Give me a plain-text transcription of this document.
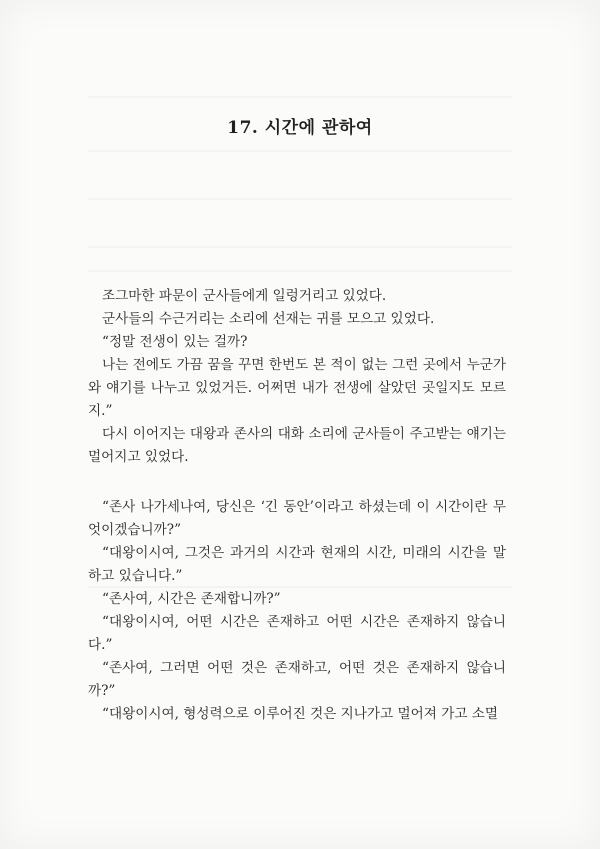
17. 시간에 관하여

조그마한 파문이 군사들에게 일렁거리고 있었다.

군사들의 수근거리는 소리에 선재는 귀를 모으고 있었다.

“정말 전생이 있는 걸까?

나는 전에도 가끔 꿈을 꾸면 한번도 본 적이 없는 그런 곳에서 누군가와 얘기를 나누고 있었거든. 어쩌면 내가 전생에 살았던 곳일지도 모르지.”

다시 이어지는 대왕과 존사의 대화 소리에 군사들이 주고받는 얘기는 멀어지고 있었다.

“존사 나가세나여, 당신은 ‘긴 동안’이라고 하셨는데 이 시간이란 무엇이겠습니까?”

“대왕이시여, 그것은 과거의 시간과 현재의 시간, 미래의 시간을 말하고 있습니다.”

“존사여, 시간은 존재합니까?”

“대왕이시여, 어떤 시간은 존재하고 어떤 시간은 존재하지 않습니다.”

“존사여, 그러면 어떤 것은 존재하고, 어떤 것은 존재하지 않습니까?”

“대왕이시여, 형성력으로 이루어진 것은 지나가고 멀어져 가고 소멸
